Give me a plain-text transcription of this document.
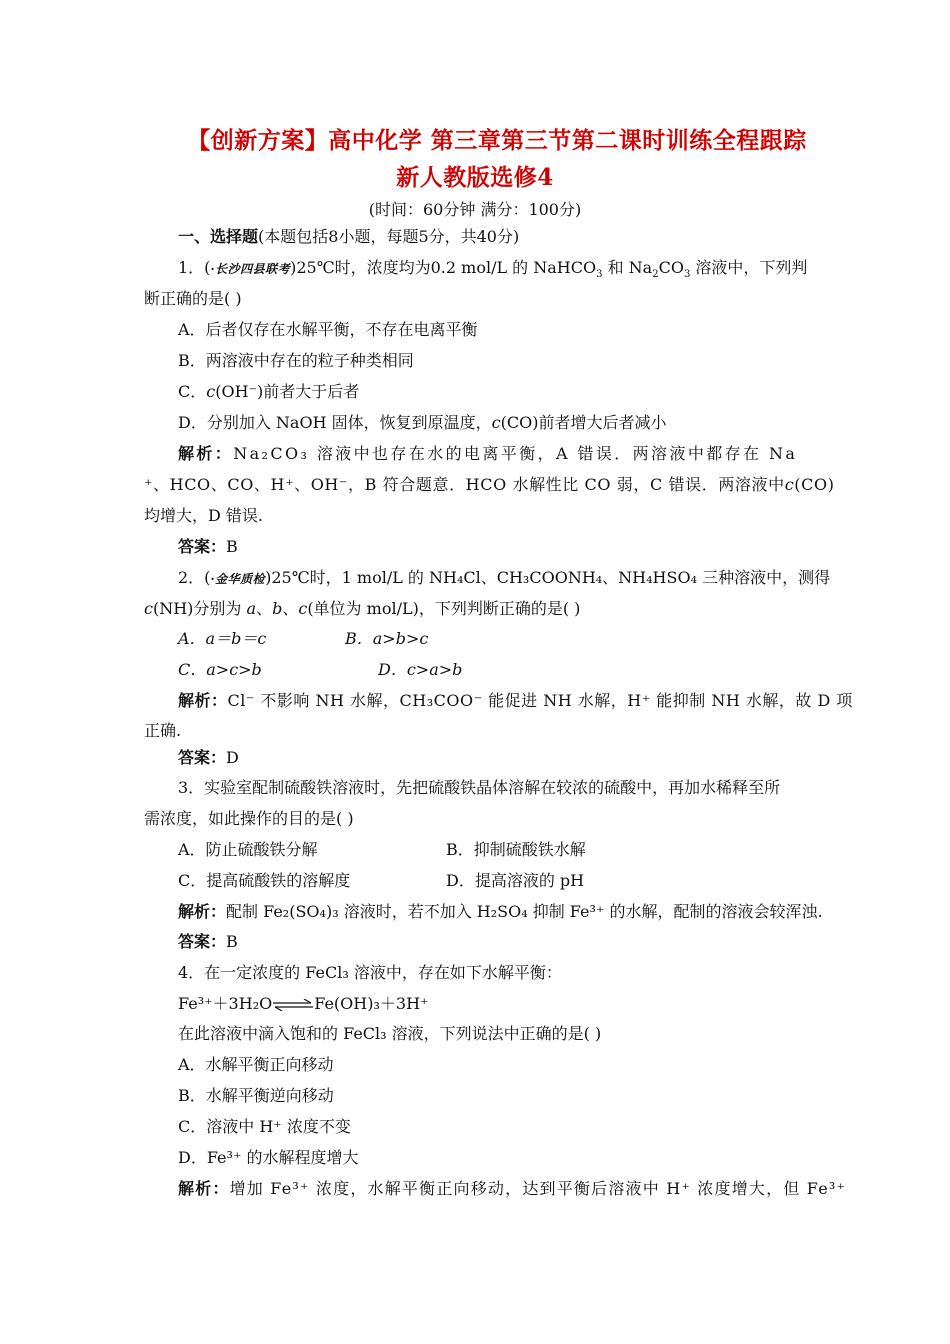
【创新方案】高中化学 第三章第三节第二课时训练全程跟踪
新人教版选修4
(时间：60分钟 满分：100分)
一、选择题(本题包括8小题，每题5分，共40分)
1．(·长沙四县联考)25℃时，浓度均为0.2 mol/L 的 NaHCO$_3$ 和 $Na_2CO_3$ 溶液中，下列判
断正确的是( )
A．后者仅存在水解平衡，不存在电离平衡
B．两溶液中存在的粒子种类相同
C．c(OH⁻)前者大于后者
D．分别加入 NaOH 固体，恢复到原温度，c(CO)前者增大后者减小
解析：Na₂CO₃ 溶液中也存在水的电离平衡，A 错误．两溶液中都存在 Na
⁺、HCO、CO、H⁺、OH⁻，B 符合题意．HCO 水解性比 CO 弱，C 错误．两溶液中c(CO)
均增大，D 错误.
答案：B
2．(·金华质检)25℃时，1 mol/L 的 NH₄Cl、CH₃COONH₄、NH₄HSO₄ 三种溶液中，测得
c(NH)分别为 a、b、c(单位为 mol/L)，下列判断正确的是( )
A．a＝b＝c	B．a>b>c
C．a>c>b	D．c>a>b
解析：Cl⁻ 不影响 NH 水解，CH₃COO⁻ 能促进 NH 水解，H⁺ 能抑制 NH 水解，故 D 项
正确.
答案：D
3．实验室配制硫酸铁溶液时，先把硫酸铁晶体溶解在较浓的硫酸中，再加水稀释至所
需浓度，如此操作的目的是( )
A．防止硫酸铁分解	B．抑制硫酸铁水解
C．提高硫酸铁的溶解度	D．提高溶液的 pH
解析：配制 Fe₂(SO₄)₃ 溶液时，若不加入 H₂SO₄ 抑制 Fe³⁺ 的水解，配制的溶液会较浑浊.
答案：B
4．在一定浓度的 FeCl₃ 溶液中，存在如下水解平衡：
Fe³⁺＋3H₂O⇌Fe(OH)₃＋3H⁺
在此溶液中滴入饱和的 FeCl₃ 溶液，下列说法中正确的是( )
A．水解平衡正向移动
B．水解平衡逆向移动
C．溶液中 H⁺ 浓度不变
D．Fe³⁺ 的水解程度增大
解析：增加 Fe³⁺ 浓度，水解平衡正向移动，达到平衡后溶液中 H⁺ 浓度增大，但 Fe³⁺
